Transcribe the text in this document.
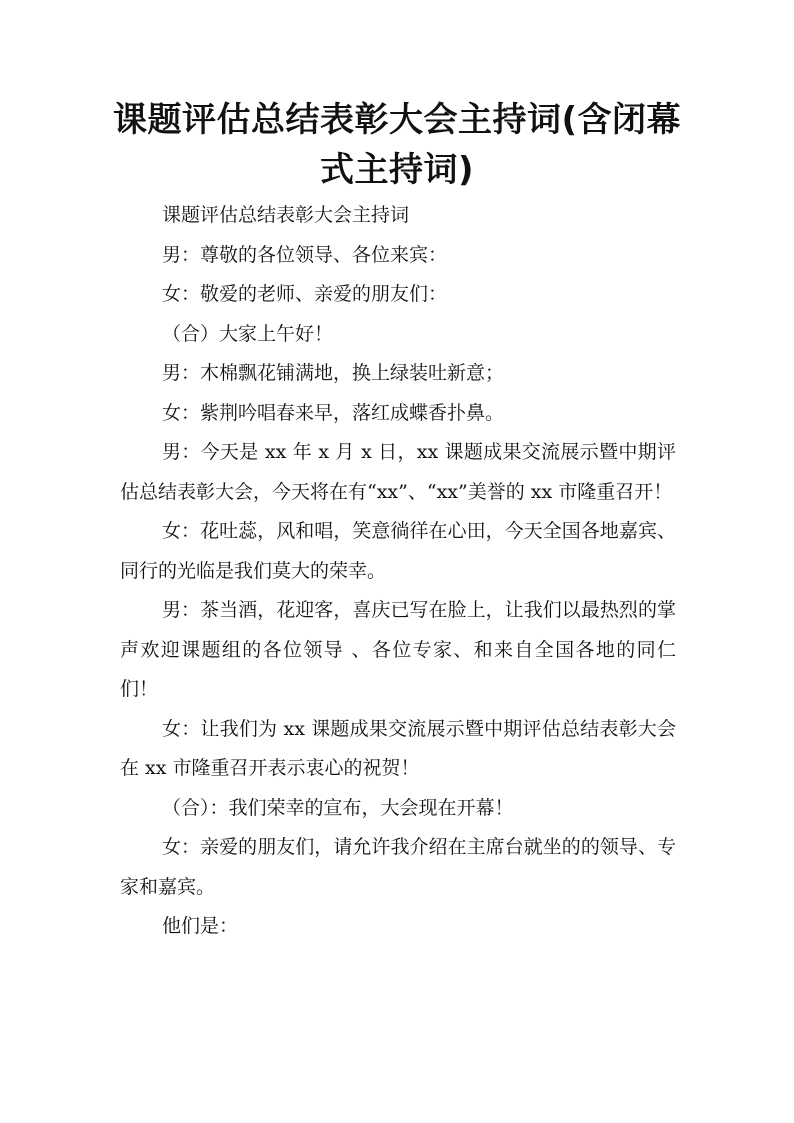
课题评估总结表彰大会主持词(含闭幕式主持词)

课题评估总结表彰大会主持词

男：尊敬的各位领导、各位来宾：

女：敬爱的老师、亲爱的朋友们：

（合）大家上午好！

男：木棉飘花铺满地，换上绿装吐新意；

女：紫荆吟唱春来早，落红成蝶香扑鼻。

男：今天是 xx 年 x 月 x 日，xx 课题成果交流展示暨中期评估总结表彰大会，今天将在有“xx”、“xx”美誉的 xx 市隆重召开！

女：花吐蕊，风和唱，笑意徜徉在心田，今天全国各地嘉宾、同行的光临是我们莫大的荣幸。

男：茶当酒，花迎客，喜庆已写在脸上，让我们以最热烈的掌声欢迎课题组的各位领导 、各位专家、和来自全国各地的同仁们！

女：让我们为 xx 课题成果交流展示暨中期评估总结表彰大会在 xx 市隆重召开表示衷心的祝贺！

（合）：我们荣幸的宣布，大会现在开幕！

女：亲爱的朋友们，请允许我介绍在主席台就坐的的领导、专家和嘉宾。

他们是：
